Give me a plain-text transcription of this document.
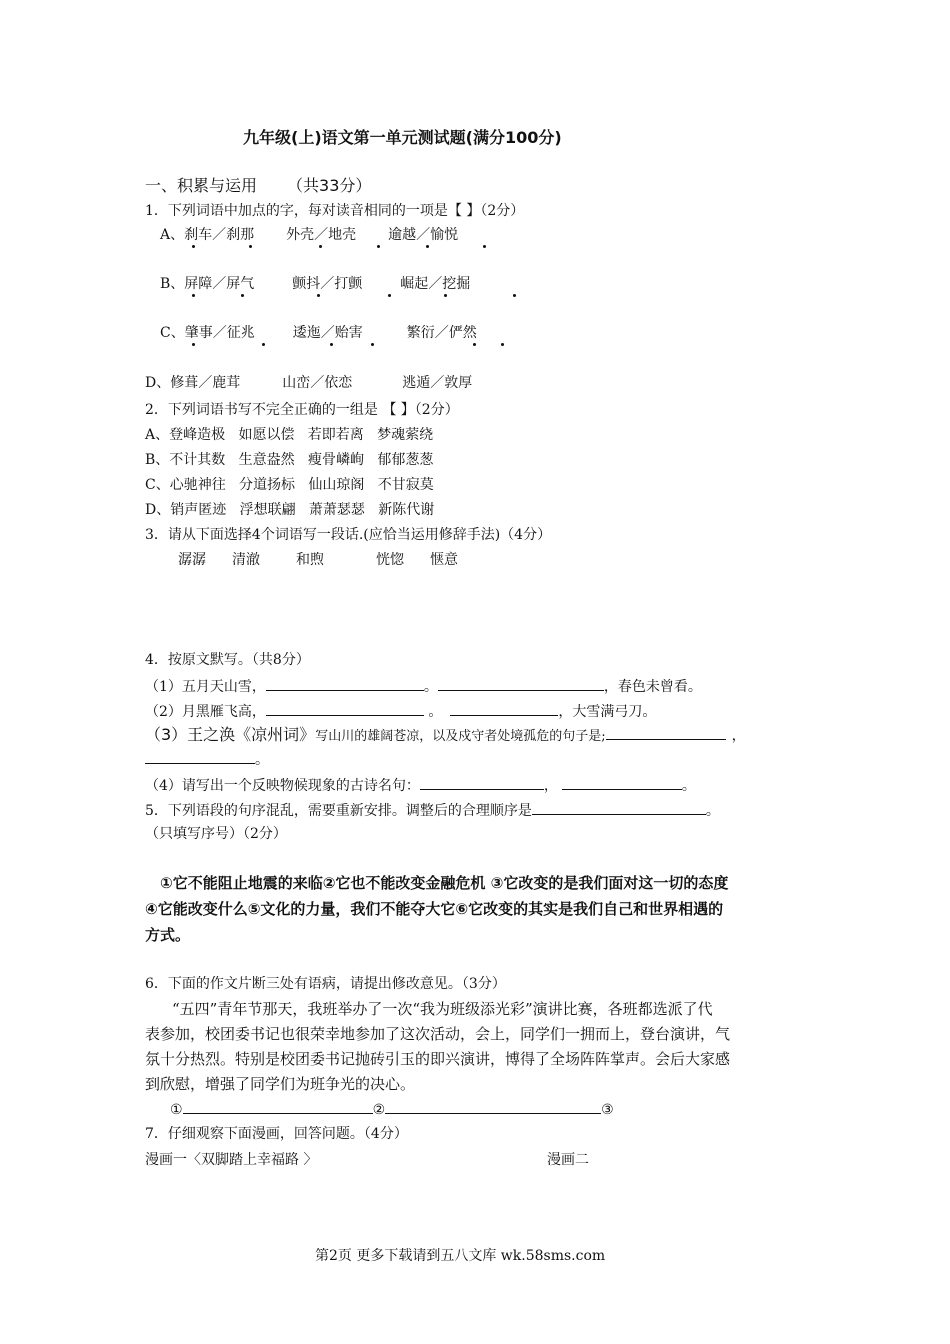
九年级(上)语文第一单元测试题(满分100分)
一、积累与运用 （共33分）
1．下列词语中加点的字，每对读音相同的一项是【 】（2分）
A、刹车／刹那 外壳／地壳 逾越／愉悦
B、屏障／屏气	颤抖／打颤	崛起／挖掘
C、肇事／征兆	逶迤／贻害	繁衍／俨然
D、修葺／鹿茸	山峦／依恋	逃遁／敦厚
2．下列词语书写不完全正确的一组是 【 】（2分）
A、登峰造极   如愿以偿   若即若离   梦魂萦绕
B、不计其数   生意盎然   瘦骨嶙峋   郁郁葱葱
C、心驰神往   分道扬标   仙山琼阁   不甘寂莫
D、销声匿迹   浮想联翩   萧萧瑟瑟   新陈代谢
3．请从下面选择4个词语写一段话.(应恰当运用修辞手法)（4分）
潺潺 清澈	和煦	恍惚 惬意
4．按原文默写。（共8分）
（1）五月天山雪，	。	，春色未曾看。
（2）月黑雁飞高，	。	，大雪满弓刀。
（3）王之涣《凉州词》写山川的雄阔苍凉，以及戍守者处境孤危的句子是;	，
。
（4）请写出一个反映物候现象的古诗名句：	，	。
5．下列语段的句序混乱，需要重新安排。调整后的合理顺序是	。
（只填写序号）（2分）
①它不能阻止地震的来临②它也不能改变金融危机 ③它改变的是我们面对这一切的态度
④它能改变什么⑤文化的力量，我们不能夺大它⑥它改变的其实是我们自己和世界相遇的
方式。
6．下面的作文片断三处有语病，请提出修改意见。（3分）
“五四”青年节那天，我班举办了一次“我为班级添光彩”演讲比赛，各班都选派了代
表参加，校团委书记也很荣幸地参加了这次活动，会上，同学们一拥而上，登台演讲，气
氛十分热烈。特别是校团委书记抛砖引玉的即兴演讲，博得了全场阵阵掌声。会后大家感
到欣慰，增强了同学们为班争光的决心。
①	②	③
7．仔细观察下面漫画，回答问题。（4分）
漫画一〈双脚踏上幸福路 〉	漫画二
第2页 更多下载请到五八文库 wk.58sms.com
